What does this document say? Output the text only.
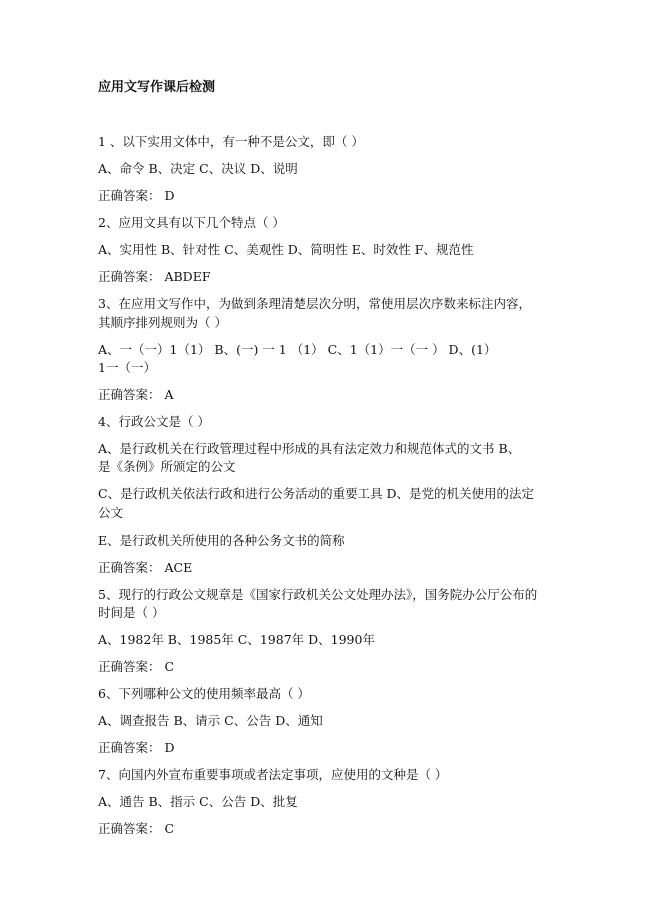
应用文写作课后检测
1 、以下实用文体中，有一种不是公文，即（ ）
A、命令 B、决定 C、决议 D、说明
正确答案： D
2、应用文具有以下几个特点（ ）
A、实用性 B、针对性 C、美观性 D、简明性 E、时效性 F、规范性
正确答案： ABDEF
3、在应用文写作中，为做到条理清楚层次分明，常使用层次序数来标注内容，
其顺序排列规则为（ ）
A、一（一）1（1） B、(一) 一 1 （1） C、1（1）一（一 ） D、(1）
1一（一）
正确答案： A
4、行政公文是（ ）
A、是行政机关在行政管理过程中形成的具有法定效力和规范体式的文书 B、
是《条例》所颁定的公文
C、是行政机关依法行政和进行公务活动的重要工具 D、是党的机关使用的法定
公文
E、是行政机关所使用的各种公务文书的简称
正确答案： ACE
5、现行的行政公文规章是《国家行政机关公文处理办法》，国务院办公厅公布的
时间是（ ）
A、1982年 B、1985年 C、1987年 D、1990年
正确答案： C
6、下列哪种公文的使用频率最高（ ）
A、调查报告 B、请示 C、公告 D、通知
正确答案： D
7、向国内外宣布重要事项或者法定事项，应使用的文种是（ ）
A、通告 B、指示 C、公告 D、批复
正确答案： C
